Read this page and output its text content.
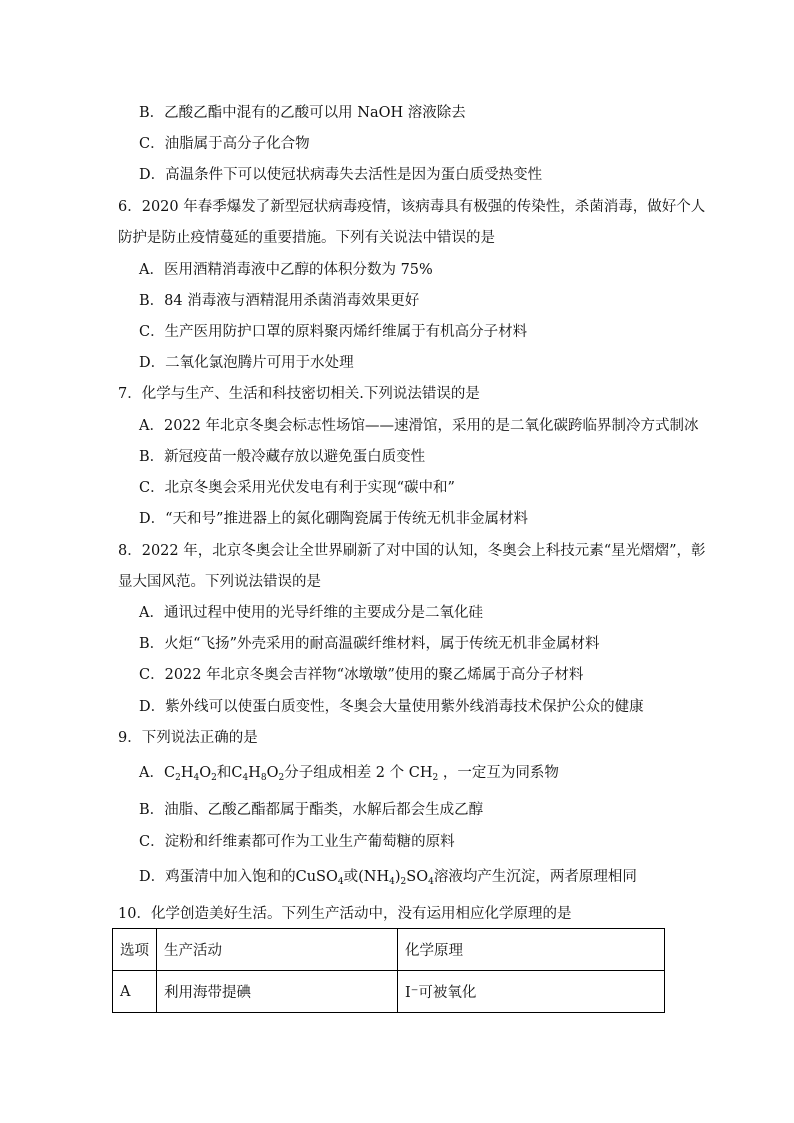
B．乙酸乙酯中混有的乙酸可以用 NaOH 溶液除去
C．油脂属于高分子化合物
D．高温条件下可以使冠状病毒失去活性是因为蛋白质受热变性
6．2020 年春季爆发了新型冠状病毒疫情，该病毒具有极强的传染性，杀菌消毒，做好个人
防护是防止疫情蔓延的重要措施。下列有关说法中错误的是
A．医用酒精消毒液中乙醇的体积分数为 75%
B．84 消毒液与酒精混用杀菌消毒效果更好
C．生产医用防护口罩的原料聚丙烯纤维属于有机高分子材料
D．二氧化氯泡腾片可用于水处理
7．化学与生产、生活和科技密切相关.下列说法错误的是
A．2022 年北京冬奥会标志性场馆——速滑馆，采用的是二氧化碳跨临界制冷方式制冰
B．新冠疫苗一般冷藏存放以避免蛋白质变性
C．北京冬奥会采用光伏发电有利于实现“碳中和”
D．“天和号”推进器上的氮化硼陶瓷属于传统无机非金属材料
8．2022 年，北京冬奥会让全世界刷新了对中国的认知，冬奥会上科技元素“星光熠熠”，彰
显大国风范。下列说法错误的是
A．通讯过程中使用的光导纤维的主要成分是二氧化硅
B．火炬“飞扬”外壳采用的耐高温碳纤维材料，属于传统无机非金属材料
C．2022 年北京冬奥会吉祥物“冰墩墩”使用的聚乙烯属于高分子材料
D．紫外线可以使蛋白质变性，冬奥会大量使用紫外线消毒技术保护公众的健康
9．下列说法正确的是
A．$C_2H_4O_2$和$C_4H_8O_2$分子组成相差 2 个 $CH_2$ ，一定互为同系物
B．油脂、乙酸乙酯都属于酯类，水解后都会生成乙醇
C．淀粉和纤维素都可作为工业生产葡萄糖的原料
D．鸡蛋清中加入饱和的CuSO$_4$或$(NH_4)_2SO_4$溶液均产生沉淀，两者原理相同
10．化学创造美好生活。下列生产活动中，没有运用相应化学原理的是
选项	生产活动	化学原理
A	利用海带提碘	I⁻可被氧化
